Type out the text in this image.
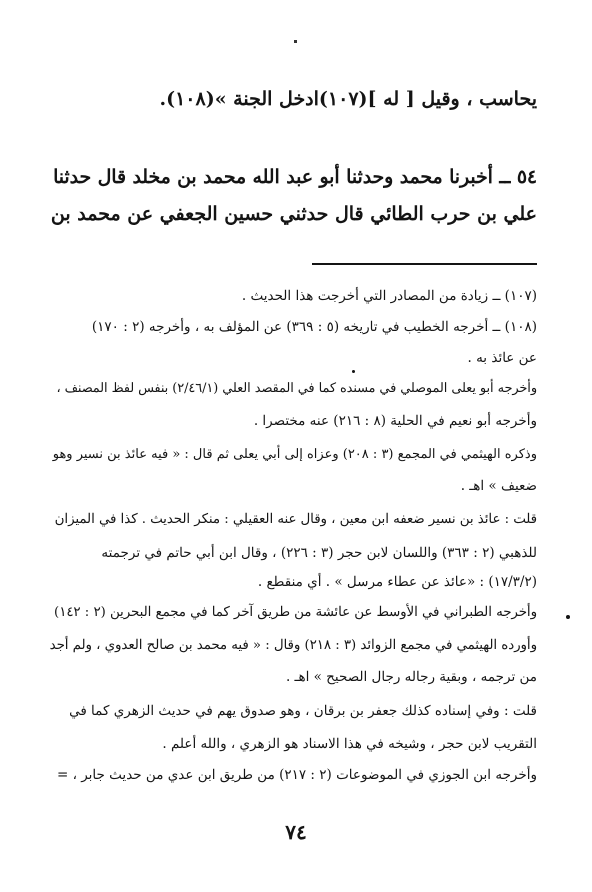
يحاسب ، وقيل [ له ](١٠٧)ادخل الجنة »(١٠٨).
٥٤ ــ أخبرنا محمد وحدثنا أبو عبد الله محمد بن مخلد قال حدثنا
علي بن حرب الطائي قال حدثني حسين الجعفي عن محمد بن
(١٠٧) ــ زيادة من المصادر التي أخرجت هذا الحديث .
(١٠٨) ــ أخرجه الخطيب في تاريخه (٥ : ٣٦٩) عن المؤلف به ، وأخرجه (٢ : ١٧٠)
عن عائذ به .
وأخرجه أبو يعلى الموصلي في مسنده كما في المقصد العلي (٢/٤٦/١) بنفس لفظ المصنف ،
وأخرجه أبو نعيم في الحلية (٨ : ٢١٦) عنه مختصرا .
وذكره الهيثمي في المجمع (٣ : ٢٠٨) وعزاه إلى أبي يعلى ثم قال : « فيه عائذ بن نسير وهو
ضعيف » اهـ .
قلت : عائذ بن نسير ضعفه ابن معين ، وقال عنه العقيلي : منكر الحديث . كذا في الميزان
للذهبي (٢ : ٣٦٣) واللسان لابن حجر (٣ : ٢٢٦) ، وقال ابن أبي حاتم في ترجمته
(١٧/٣/٢) : «عائذ عن عطاء مرسل » . أي منقطع .
وأخرجه الطبراني في الأوسط عن عائشة من طريق آخر كما في مجمع البحرين (٢ : ١٤٢)
وأورده الهيثمي في مجمع الزوائد (٣ : ٢١٨) وقال : « فيه محمد بن صالح العدوي ، ولم أجد
من ترجمه ، وبقية رجاله رجال الصحيح » اهـ .
قلت : وفي إسناده كذلك جعفر بن برقان ، وهو صدوق يهم في حديث الزهري كما في
التقريب لابن حجر ، وشيخه في هذا الاسناد هو الزهري ، والله أعلم .
وأخرجه ابن الجوزي في الموضوعات (٢ : ٢١٧) من طريق ابن عدي من حديث جابر ، =
٧٤
